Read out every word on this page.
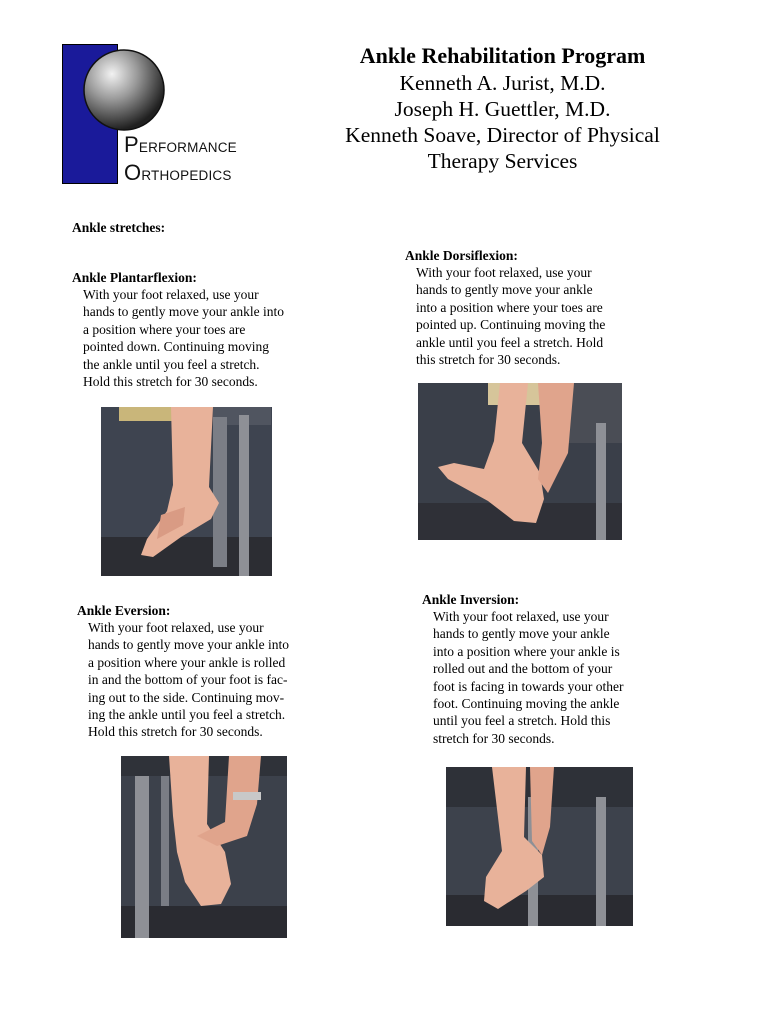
PERFORMANCE
ORTHOPEDICS
Ankle Rehabilitation Program
Kenneth A. Jurist, M.D.
Joseph H. Guettler, M.D.
Kenneth Soave, Director of Physical
Therapy Services
Ankle stretches:
Ankle Plantarflexion:
With your foot relaxed, use your
hands to gently move your ankle into
a position where your toes are
pointed down. Continuing moving
the ankle until you feel a stretch.
Hold this stretch for 30 seconds.
Ankle Dorsiflexion:
With your foot relaxed, use your
hands to gently move your ankle
into a position where your toes are
pointed up. Continuing moving the
ankle until you feel a stretch. Hold
this stretch for 30 seconds.
Ankle Eversion:
With your foot relaxed, use your
hands to gently move your ankle into
a position where your ankle is rolled
in and the bottom of your foot is fac-
ing out to the side. Continuing mov-
ing the ankle until you feel a stretch.
Hold this stretch for 30 seconds.
Ankle Inversion:
With your foot relaxed, use your
hands to gently move your ankle
into a position where your ankle is
rolled out and the bottom of your
foot is facing in towards your other
foot. Continuing moving the ankle
until you feel a stretch. Hold this
stretch for 30 seconds.
